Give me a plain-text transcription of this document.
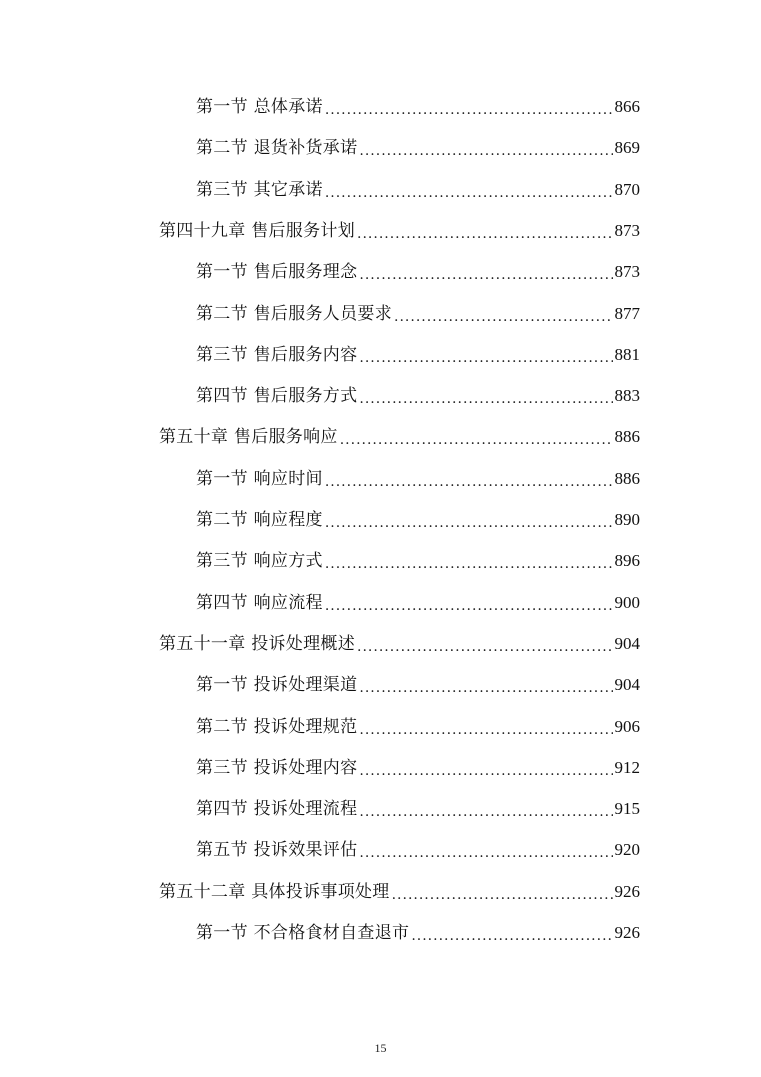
第一节 总体承诺 .....	866
第二节 退货补货承诺 .....	869
第三节 其它承诺 .....	870
第四十九章 售后服务计划 .....	873
第一节 售后服务理念 .....	873
第二节 售后服务人员要求 .....	877
第三节 售后服务内容 .....	881
第四节 售后服务方式 .....	883
第五十章 售后服务响应 .....	886
第一节 响应时间 .....	886
第二节 响应程度 .....	890
第三节 响应方式 .....	896
第四节 响应流程 .....	900
第五十一章 投诉处理概述 .....	904
第一节 投诉处理渠道 .....	904
第二节 投诉处理规范 .....	906
第三节 投诉处理内容 .....	912
第四节 投诉处理流程 .....	915
第五节 投诉效果评估 .....	920
第五十二章 具体投诉事项处理 .....	926
第一节 不合格食材自查退市 .....	926
15
